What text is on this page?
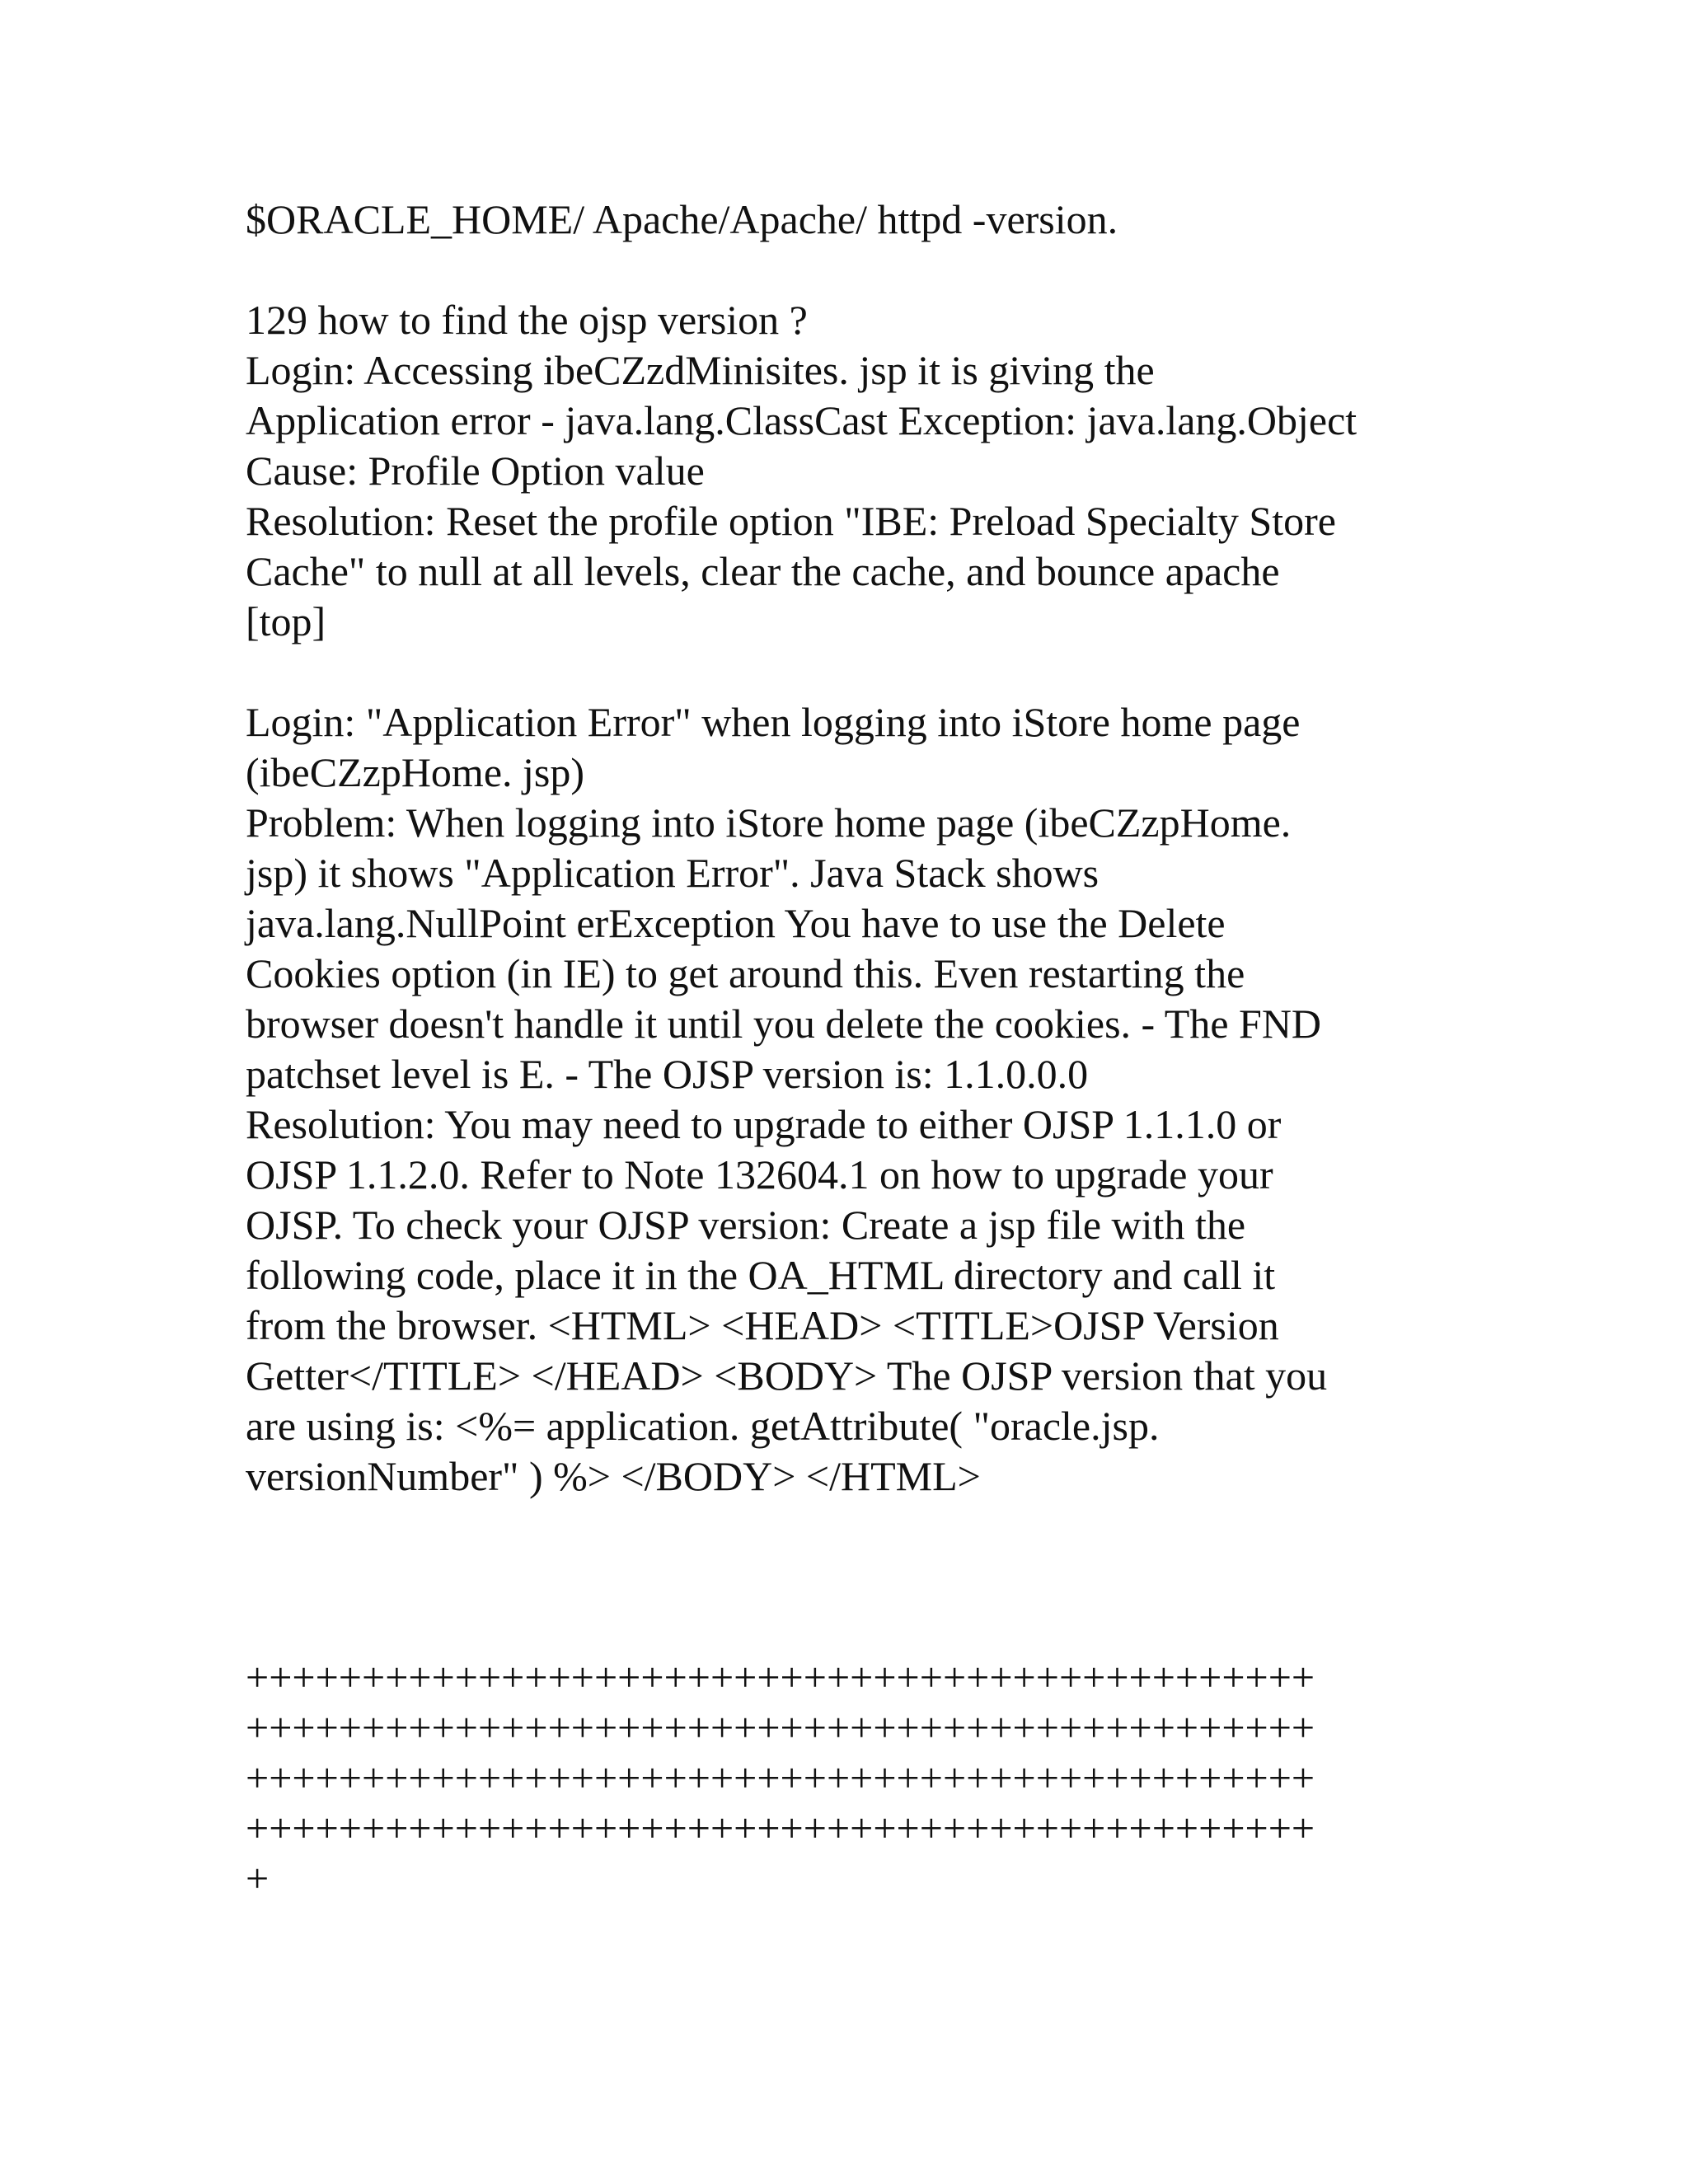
$ORACLE_HOME/ Apache/Apache/ httpd -version.
129 how to find the ojsp version ?
Login: Accessing ibeCZzdMinisites. jsp it is giving the
Application error - java.lang.ClassCast Exception: java.lang.Object
Cause: Profile Option value
Resolution: Reset the profile option "IBE: Preload Specialty Store
Cache" to null at all levels, clear the cache, and bounce apache
[top]
Login: "Application Error" when logging into iStore home page
(ibeCZzpHome. jsp)
Problem: When logging into iStore home page (ibeCZzpHome.
jsp) it shows "Application Error". Java Stack shows
java.lang.NullPoint erException You have to use the Delete
Cookies option (in IE) to get around this. Even restarting the
browser doesn't handle it until you delete the cookies. - The FND
patchset level is E. - The OJSP version is: 1.1.0.0.0
Resolution: You may need to upgrade to either OJSP 1.1.1.0 or
OJSP 1.1.2.0. Refer to Note 132604.1 on how to upgrade your
OJSP. To check your OJSP version: Create a jsp file with the
following code, place it in the OA_HTML directory and call it
from the browser. <HTML> <HEAD> <TITLE>OJSP Version
Getter</TITLE> </HEAD> <BODY> The OJSP version that you
are using is: <%= application. getAttribute( "oracle.jsp.
versionNumber" ) %> </BODY> </HTML>
++++++++++++++++++++++++++++++++++++++++++++++
++++++++++++++++++++++++++++++++++++++++++++++
++++++++++++++++++++++++++++++++++++++++++++++
++++++++++++++++++++++++++++++++++++++++++++++
+
